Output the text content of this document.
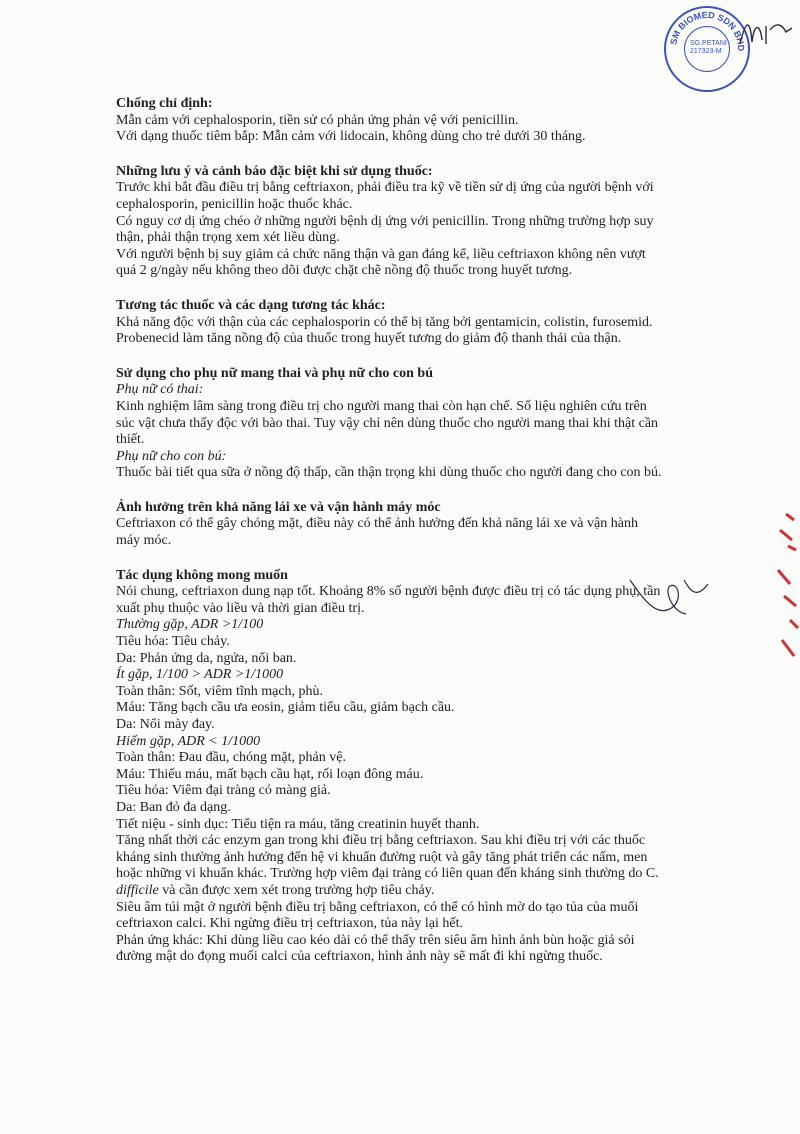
SM BIOMED SDN BHD
SG.PETANI
217323-M
Chống chỉ định:
Mẫn cảm với cephalosporin, tiền sử có phản ứng phản vệ với penicillin.
Với dạng thuốc tiêm bắp: Mẫn cảm với lidocain, không dùng cho trẻ dưới 30 tháng.
Những lưu ý và cảnh báo đặc biệt khi sử dụng thuốc:
Trước khi bắt đầu điều trị bằng ceftriaxon, phải điều tra kỹ về tiền sử dị ứng của người bệnh với
cephalosporin, penicillin hoặc thuốc khác.
Có nguy cơ dị ứng chéo ở những người bệnh dị ứng với penicillin. Trong những trường hợp suy
thận, phải thận trọng xem xét liều dùng.
Với người bệnh bị suy giảm cả chức năng thận và gan đáng kể, liều ceftriaxon không nên vượt
quá 2 g/ngày nếu không theo dõi được chặt chẽ nồng độ thuốc trong huyết tương.
Tương tác thuốc và các dạng tương tác khác:
Khả năng độc với thận của các cephalosporin có thể bị tăng bởi gentamicin, colistin, furosemid.
Probenecid làm tăng nồng độ của thuốc trong huyết tương do giảm độ thanh thải của thận.
Sử dụng cho phụ nữ mang thai và phụ nữ cho con bú
Phụ nữ có thai:
Kinh nghiệm lâm sàng trong điều trị cho người mang thai còn hạn chế. Số liệu nghiên cứu trên
súc vật chưa thấy độc với bào thai. Tuy vậy chỉ nên dùng thuốc cho người mang thai khi thật cần
thiết.
Phụ nữ cho con bú:
Thuốc bài tiết qua sữa ở nồng độ thấp, cần thận trọng khi dùng thuốc cho người đang cho con bú.
Ảnh hưởng trên khả năng lái xe và vận hành máy móc
Ceftriaxon có thể gây chóng mặt, điều này có thể ảnh hưởng đến khả năng lái xe và vận hành
máy móc.
Tác dụng không mong muốn
Nói chung, ceftriaxon dung nạp tốt. Khoảng 8% số người bệnh được điều trị có tác dụng phụ, tần
xuất phụ thuộc vào liều và thời gian điều trị.
Thường gặp, ADR >1/100
Tiêu hóa: Tiêu chảy.
Da: Phản ứng da, ngứa, nổi ban.
Ít gặp, 1/100 > ADR >1/1000
Toàn thân: Sốt, viêm tĩnh mạch, phù.
Máu: Tăng bạch cầu ưa eosin, giảm tiểu cầu, giảm bạch cầu.
Da: Nổi mày đay.
Hiếm gặp, ADR < 1/1000
Toàn thân: Đau đầu, chóng mặt, phản vệ.
Máu: Thiếu máu, mất bạch cầu hạt, rối loạn đông máu.
Tiêu hóa: Viêm đại tràng có màng giả.
Da: Ban đỏ đa dạng.
Tiết niệu - sinh dục: Tiểu tiện ra máu, tăng creatinin huyết thanh.
Tăng nhất thời các enzym gan trong khi điều trị bằng ceftriaxon. Sau khi điều trị với các thuốc
kháng sinh thường ảnh hưởng đến hệ vi khuẩn đường ruột và gây tăng phát triển các nấm, men
hoặc những vi khuẩn khác. Trường hợp viêm đại tràng có liên quan đến kháng sinh thường do C.
difficile và cần được xem xét trong trường hợp tiêu chảy.
Siêu âm túi mật ở người bệnh điều trị bằng ceftriaxon, có thể có hình mờ do tạo tủa của muối
ceftriaxon calci. Khi ngừng điều trị ceftriaxon, tủa này lại hết.
Phản ứng khác: Khi dùng liều cao kéo dài có thể thấy trên siêu âm hình ảnh bùn hoặc giả sỏi
đường mật do đọng muối calci của ceftriaxon, hình ảnh này sẽ mất đi khi ngừng thuốc.
